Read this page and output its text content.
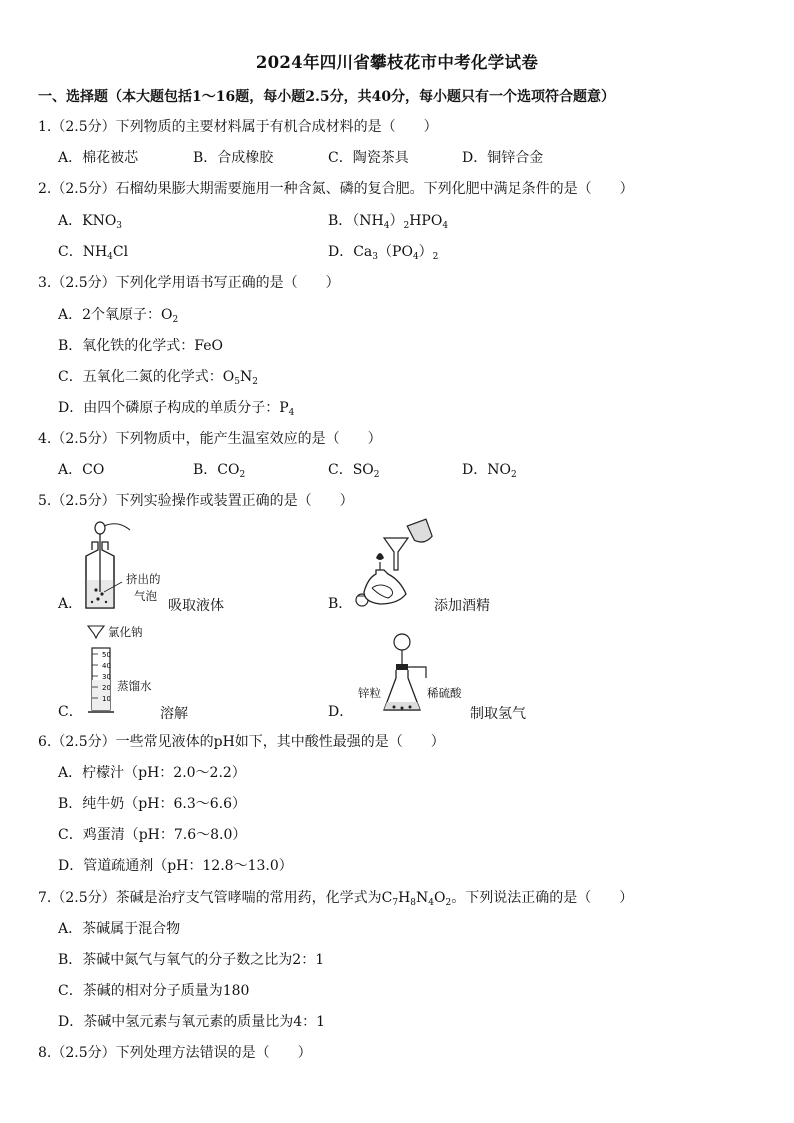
2024年四川省攀枝花市中考化学试卷
一、选择题（本大题包括1～16题，每小题2.5分，共40分，每小题只有一个选项符合题意）
1.（2.5分）下列物质的主要材料属于有机合成材料的是（　　）
A．棉花被芯	B．合成橡胶	C．陶瓷茶具	D．铜锌合金
2.（2.5分）石榴幼果膨大期需要施用一种含氮、磷的复合肥。下列化肥中满足条件的是（　　）
A．$KNO_3$	B．$(NH_4)_2HPO_4$
C．$NH_4Cl$	D．$Ca_3(PO_4)_2$
3.（2.5分）下列化学用语书写正确的是（　　）
A．2个氧原子：$O_2$
B．氧化铁的化学式：FeO
C．五氧化二氮的化学式：$O_5N_2$
D．由四个磷原子构成的单质分子：$P_4$
4.（2.5分）下列物质中，能产生温室效应的是（　　）
A．CO	B．$CO_2$	C．$SO_2$	D．$NO_2$
5.（2.5分）下列实验操作或装置正确的是（　　）
A．
挤出的
气泡
吸取液体	B．	添加酒精
50
40
30
20
10
氯化钠
蒸馏水
C．	溶解
锌粒	稀硫酸
D．	制取氢气
6.（2.5分）一些常见液体的pH如下，其中酸性最强的是（　　）
A．柠檬汁（pH：2.0～2.2）
B．纯牛奶（pH：6.3～6.6）
C．鸡蛋清（pH：7.6～8.0）
D．管道疏通剂（pH：12.8～13.0）
7.（2.5分）茶碱是治疗支气管哮喘的常用药，化学式为$C_7H_8N_4O_2$。下列说法正确的是（　　）
A．茶碱属于混合物
B．茶碱中氮气与氧气的分子数之比为2：1
C．茶碱的相对分子质量为180
D．茶碱中氢元素与氧元素的质量比为4：1
8.（2.5分）下列处理方法错误的是（　　）
